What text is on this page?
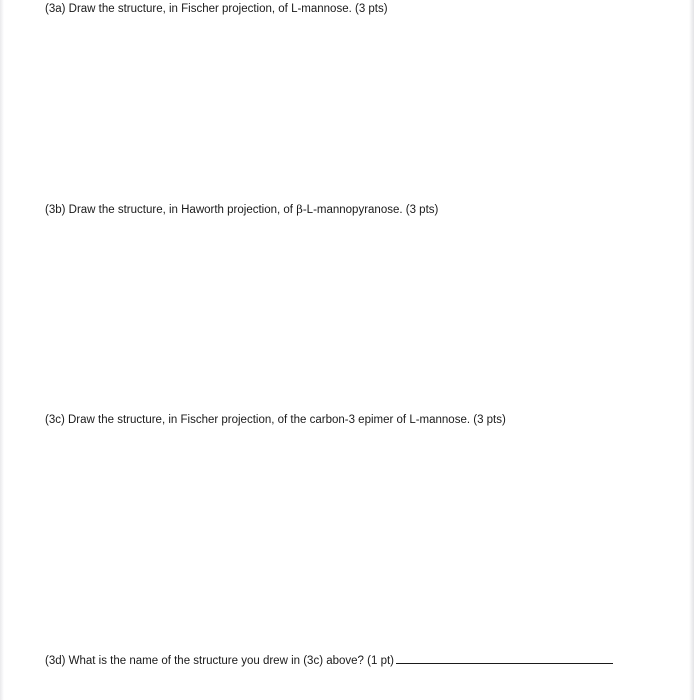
(3a) Draw the structure, in Fischer projection, of L-mannose. (3 pts)

(3b) Draw the structure, in Haworth projection, of β-L-mannopyranose. (3 pts)

(3c) Draw the structure, in Fischer projection, of the carbon-3 epimer of L-mannose. (3 pts)

(3d) What is the name of the structure you drew in (3c) above? (1 pt)
